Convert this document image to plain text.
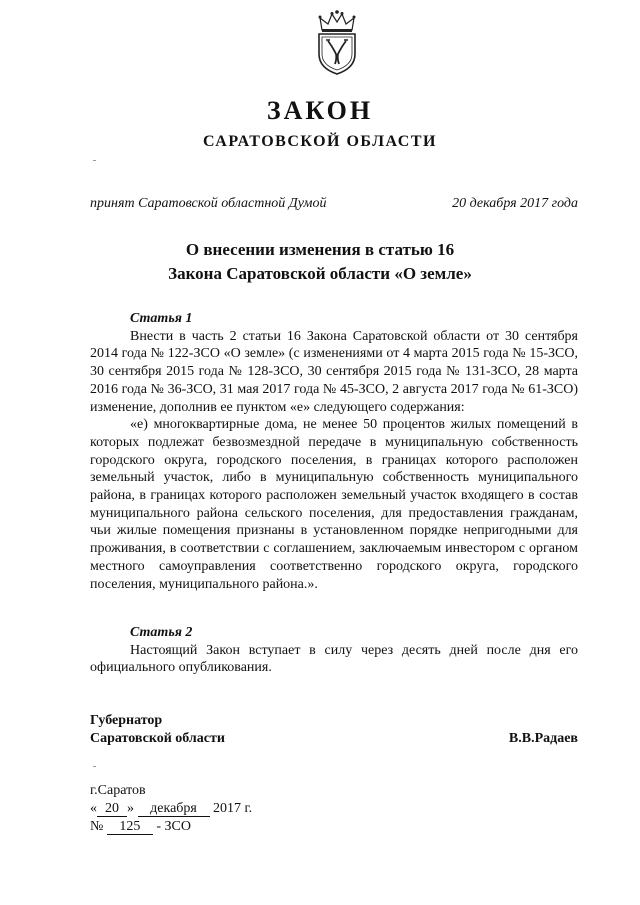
ЗАКОН
САРАТОВСКОЙ ОБЛАСТИ
принят Саратовской областной Думой	20 декабря 2017 года
О внесении изменения в статью 16
Закона Саратовской области «О земле»
Статья 1

Внести в часть 2 статьи 16 Закона Саратовской области от 30 сентября 2014 года № 122-ЗСО «О земле» (с изменениями от 4 марта 2015 года № 15-ЗСО, 30 сентября 2015 года № 128-ЗСО, 30 сентября 2015 года № 131-ЗСО, 28 марта 2016 года № 36-ЗСО, 31 мая 2017 года № 45-ЗСО, 2 августа 2017 года № 61-ЗСО) изменение, дополнив ее пунктом «е» следующего содержания:

«е) многоквартирные дома, не менее 50 процентов жилых помещений в которых подлежат безвозмездной передаче в муниципальную собственность городского округа, городского поселения, в границах которого расположен земельный участок, либо в муниципальную собственность муниципального района, в границах которого расположен земельный участок входящего в состав муниципального района сельского поселения, для предоставления гражданам, чьи жилые помещения признаны в установленном порядке непригодными для проживания, в соответствии с соглашением, заключаемым инвестором с органом местного самоуправления соответственно городского округа, городского поселения, муниципального района.».

Статья 2

Настоящий Закон вступает в силу через десять дней после дня его официального опубликования.

Губернатор
Саратовской области	В.В.Радаев
г.Саратов
« 20 » декабря 2017 г.
№ 125 - ЗСО
